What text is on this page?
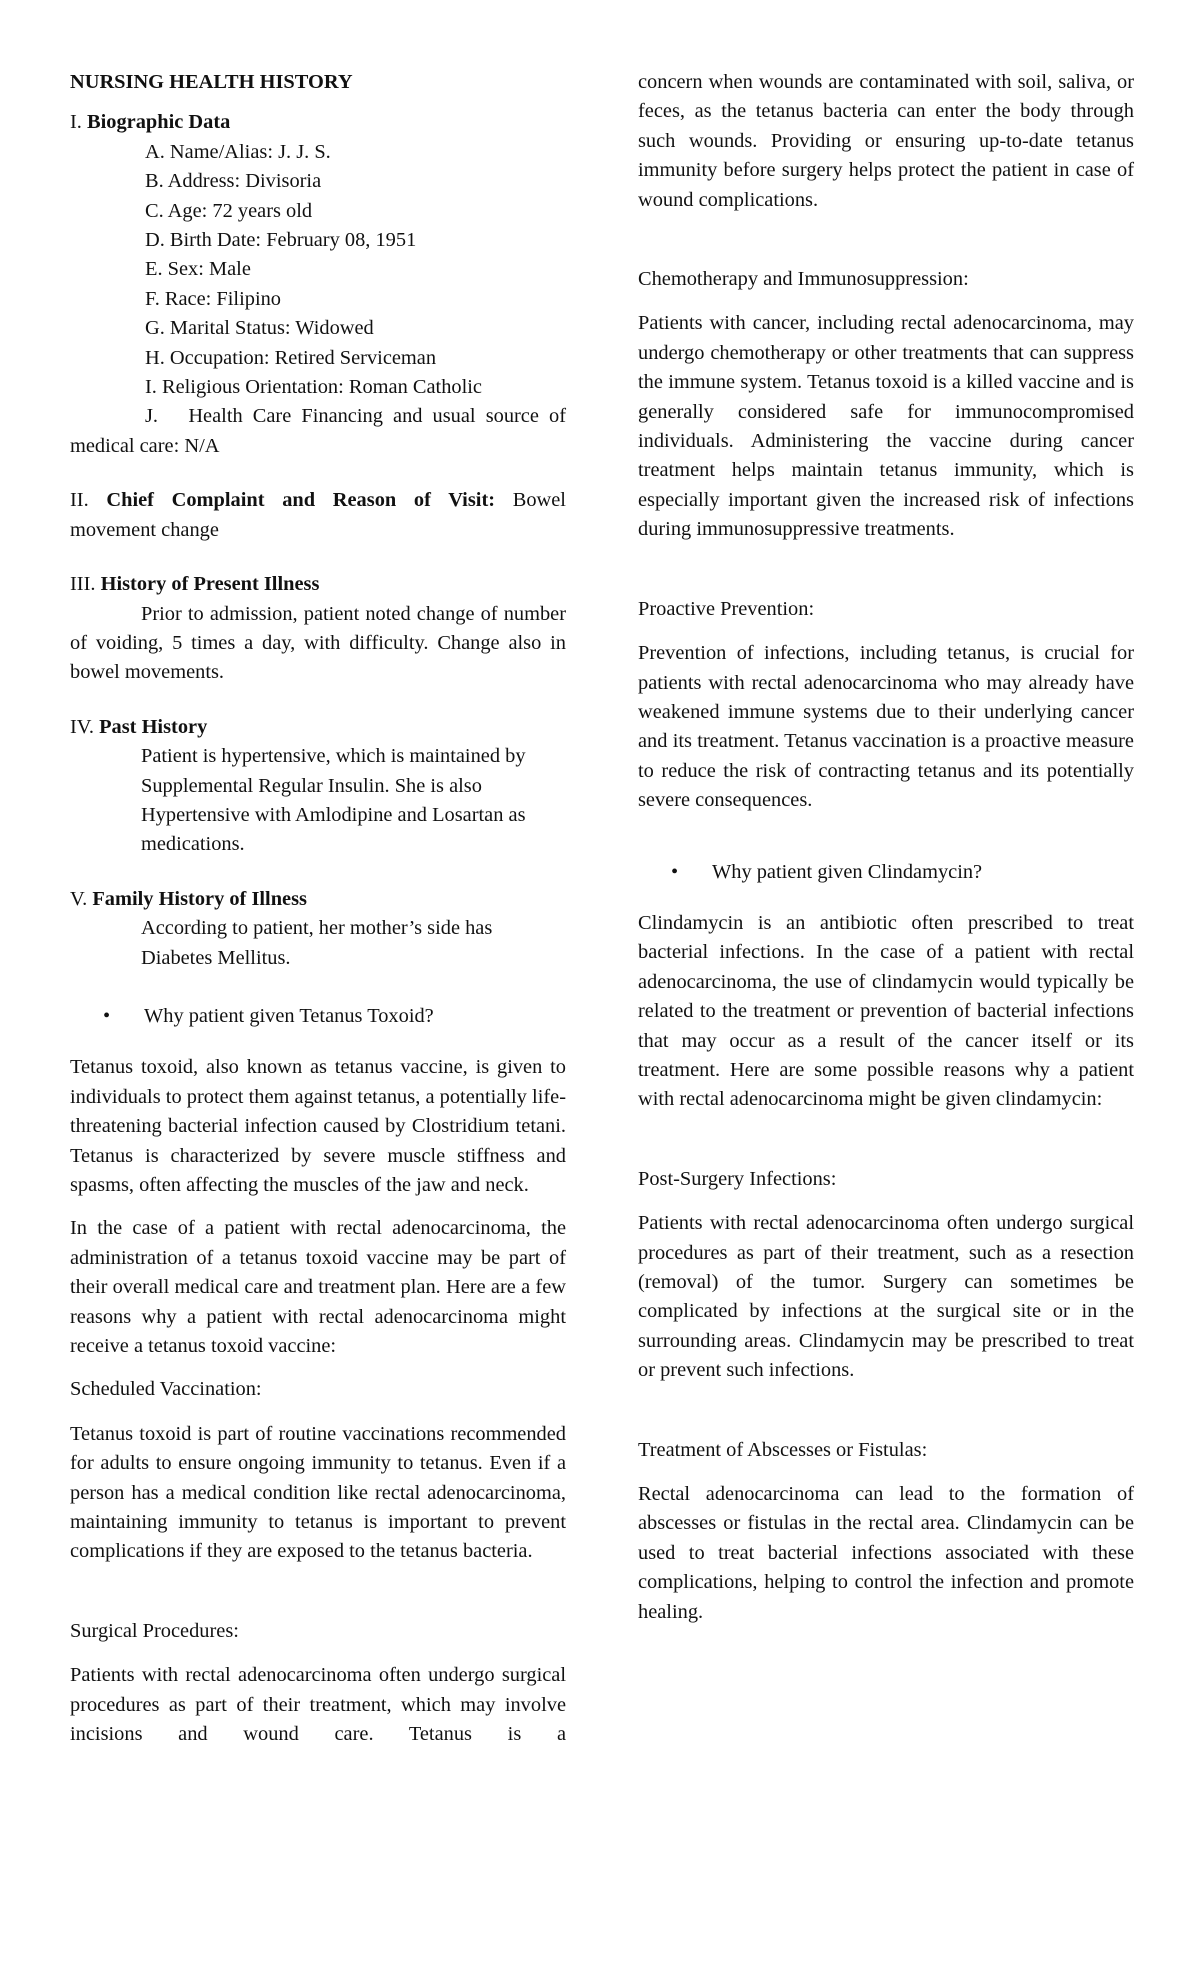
NURSING HEALTH HISTORY

I. Biographic Data

A. Name/Alias: J. J. S.

B. Address: Divisoria

C. Age: 72 years old

D. Birth Date: February 08, 1951

E. Sex: Male

F. Race: Filipino

G. Marital Status: Widowed

H. Occupation: Retired Serviceman

I. Religious Orientation: Roman Catholic

J.   Health Care Financing and usual source of medical care: N/A

II. Chief Complaint and Reason of Visit: Bowel movement change

III. History of Present Illness

Prior to admission, patient noted change of number of voiding, 5 times a day, with difficulty. Change also in bowel movements.

IV. Past History

Patient is hypertensive, which is maintained by Supplemental Regular Insulin. She is also Hypertensive with Amlodipine and Losartan as medications.

V. Family History of Illness

According to patient, her mother’s side has Diabetes Mellitus.

•	Why patient given Tetanus Toxoid?

Tetanus toxoid, also known as tetanus vaccine, is given to individuals to protect them against tetanus, a potentially life-threatening bacterial infection caused by Clostridium tetani. Tetanus is characterized by severe muscle stiffness and spasms, often affecting the muscles of the jaw and neck.

In the case of a patient with rectal adenocarcinoma, the administration of a tetanus toxoid vaccine may be part of their overall medical care and treatment plan. Here are a few reasons why a patient with rectal adenocarcinoma might receive a tetanus toxoid vaccine:

Scheduled Vaccination:

Tetanus toxoid is part of routine vaccinations recommended for adults to ensure ongoing immunity to tetanus. Even if a person has a medical condition like rectal adenocarcinoma, maintaining immunity to tetanus is important to prevent complications if they are exposed to the tetanus bacteria.

Surgical Procedures:

Patients with rectal adenocarcinoma often undergo surgical procedures as part of their treatment, which may involve incisions and wound care. Tetanus is a

concern when wounds are contaminated with soil, saliva, or feces, as the tetanus bacteria can enter the body through such wounds. Providing or ensuring up-to-date tetanus immunity before surgery helps protect the patient in case of wound complications.

Chemotherapy and Immunosuppression:

Patients with cancer, including rectal adenocarcinoma, may undergo chemotherapy or other treatments that can suppress the immune system. Tetanus toxoid is a killed vaccine and is generally considered safe for immunocompromised individuals. Administering the vaccine during cancer treatment helps maintain tetanus immunity, which is especially important given the increased risk of infections during immunosuppressive treatments.

Proactive Prevention:

Prevention of infections, including tetanus, is crucial for patients with rectal adenocarcinoma who may already have weakened immune systems due to their underlying cancer and its treatment. Tetanus vaccination is a proactive measure to reduce the risk of contracting tetanus and its potentially severe consequences.

•	Why patient given Clindamycin?

Clindamycin is an antibiotic often prescribed to treat bacterial infections. In the case of a patient with rectal adenocarcinoma, the use of clindamycin would typically be related to the treatment or prevention of bacterial infections that may occur as a result of the cancer itself or its treatment. Here are some possible reasons why a patient with rectal adenocarcinoma might be given clindamycin:

Post-Surgery Infections:

Patients with rectal adenocarcinoma often undergo surgical procedures as part of their treatment, such as a resection (removal) of the tumor. Surgery can sometimes be complicated by infections at the surgical site or in the surrounding areas. Clindamycin may be prescribed to treat or prevent such infections.

Treatment of Abscesses or Fistulas:

Rectal adenocarcinoma can lead to the formation of abscesses or fistulas in the rectal area. Clindamycin can be used to treat bacterial infections associated with these complications, helping to control the infection and promote healing.
